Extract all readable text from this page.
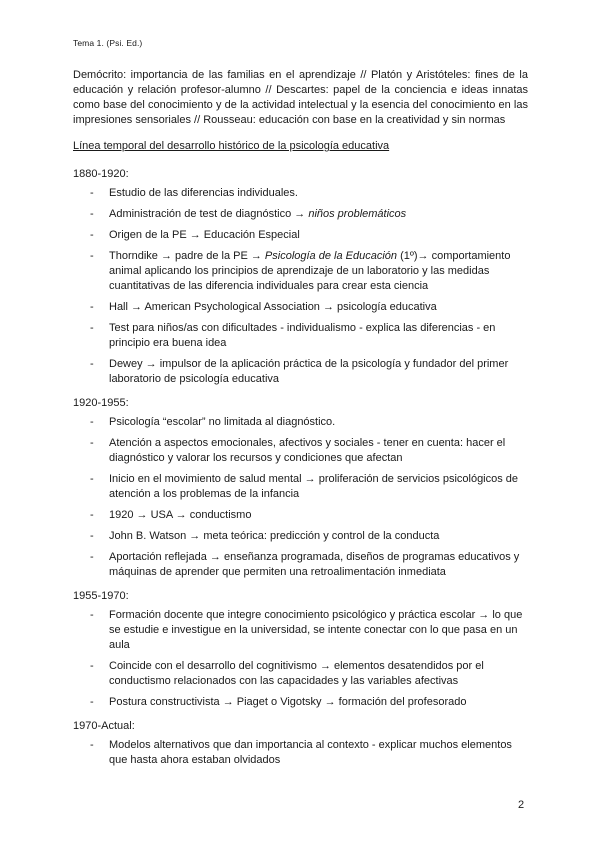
Tema 1. (Psi. Ed.)

Demócrito: importancia de las familias en el aprendizaje // Platón y Aristóteles: fines de la educación y relación profesor-alumno // Descartes: papel de la conciencia e ideas innatas como base del conocimiento y de la actividad intelectual y la esencia del conocimiento en las impresiones sensoriales // Rousseau: educación con base en la creatividad y sin normas

Línea temporal del desarrollo histórico de la psicología educativa

1880-1920:
- Estudio de las diferencias individuales.
- Administración de test de diagnóstico → niños problemáticos
- Origen de la PE → Educación Especial
- Thorndike → padre de la PE → Psicología de la Educación (1º)→ comportamiento animal aplicando los principios de aprendizaje de un laboratorio y las medidas cuantitativas de las diferencia individuales para crear esta ciencia
- Hall → American Psychological Association → psicología educativa
- Test para niños/as con dificultades - individualismo - explica las diferencias - en principio era buena idea
- Dewey → impulsor de la aplicación práctica de la psicología y fundador del primer laboratorio de psicología educativa
1920-1955:
- Psicología “escolar” no limitada al diagnóstico.
- Atención a aspectos emocionales, afectivos y sociales - tener en cuenta: hacer el diagnóstico y valorar los recursos y condiciones que afectan
- Inicio en el movimiento de salud mental → proliferación de servicios psicológicos de atención a los problemas de la infancia
- 1920 → USA → conductismo
- John B. Watson → meta teórica: predicción y control de la conducta
- Aportación reflejada → enseñanza programada, diseños de programas educativos y máquinas de aprender que permiten una retroalimentación inmediata
1955-1970:
- Formación docente que integre conocimiento psicológico y práctica escolar → lo que se estudie e investigue en la universidad, se intente conectar con lo que pasa en un aula
- Coincide con el desarrollo del cognitivismo → elementos desatendidos por el conductismo relacionados con las capacidades y las variables afectivas
- Postura constructivista → Piaget o Vigotsky → formación del profesorado
1970-Actual:
- Modelos alternativos que dan importancia al contexto - explicar muchos elementos que hasta ahora estaban olvidados
2
